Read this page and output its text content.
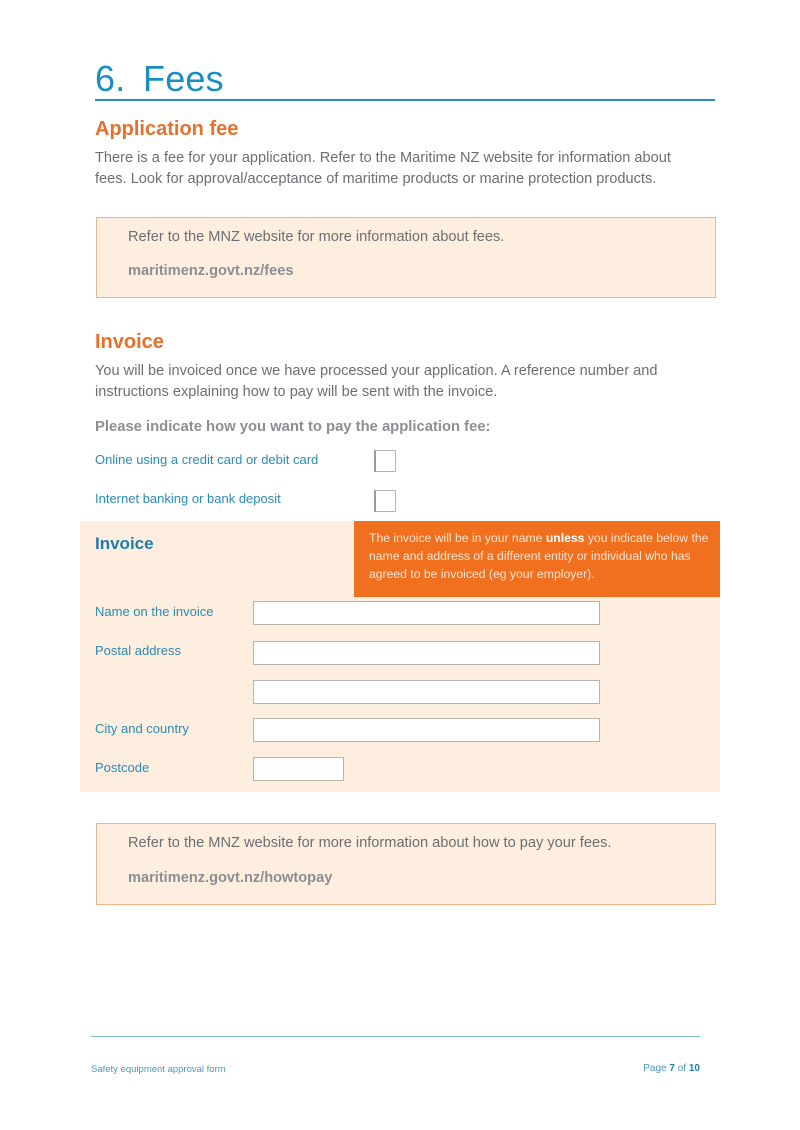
6. Fees
Application fee

There is a fee for your application. Refer to the Maritime NZ website for information about

fees. Look for approval/acceptance of maritime products or marine protection products.

Refer to the MNZ website for more information about fees.
maritimenz.govt.nz/fees
Invoice

You will be invoiced once we have processed your application. A reference number and

instructions explaining how to pay will be sent with the invoice.

Please indicate how you want to pay the application fee:
Online using a credit card or debit card
Internet banking or bank deposit
Invoice	The invoice will be in your name unless you indicate below the name and address of a different entity or individual who has agreed to be invoiced (eg your employer).
Name on the invoice
Postal address
City and country
Postcode
Refer to the MNZ website for more information about how to pay your fees.
maritimenz.govt.nz/howtopay
Safety equipment approval form	Page 7 of 10
